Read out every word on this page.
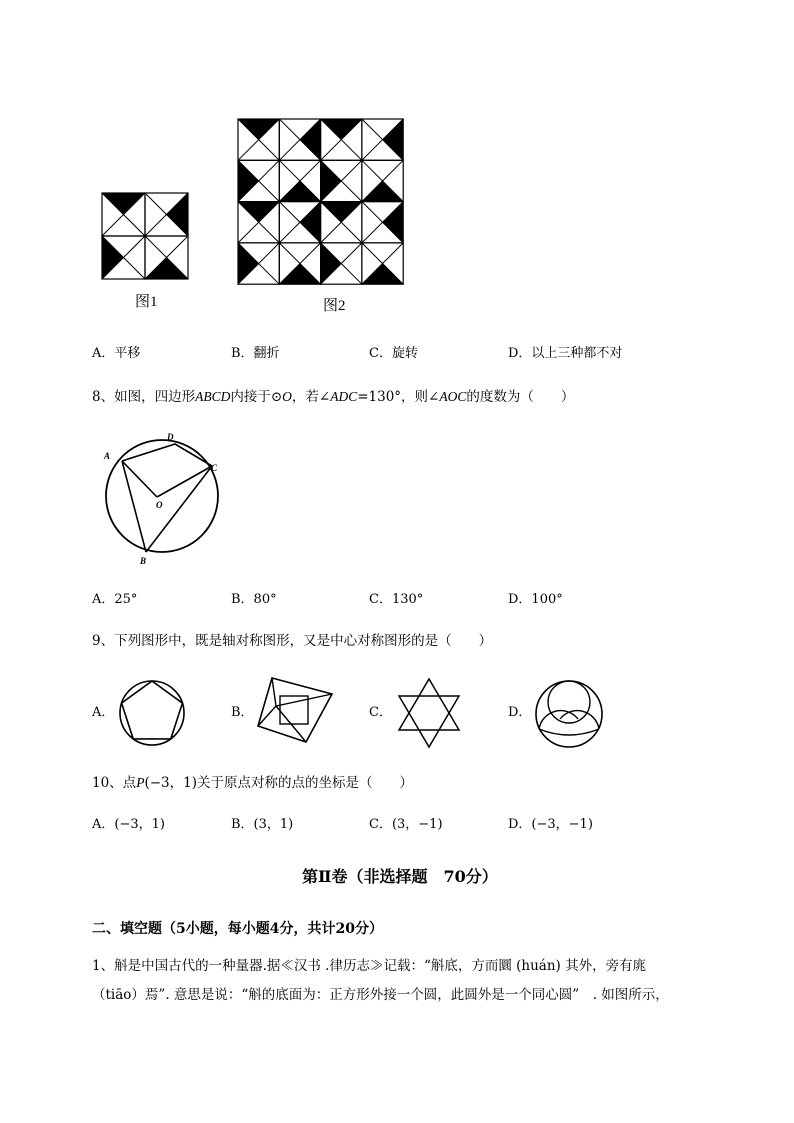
图1	图2
A．平移	B．翻折	C．旋转	D．以上三种都不对
8、如图，四边形ABCD内接于⊙O，若∠ADC=130°，则∠AOC的度数为（　　）
A
D
C
O
B
A．25°	B．80°	C．130°	D．100°
9、下列图形中，既是轴对称图形，又是中心对称图形的是（　　）
A．	B．	C．	D．
10、点P(−3，1)关于原点对称的点的坐标是（　　）
A．(−3，1)	B．(3，1)	C．(3，−1)	D．(−3，−1)
第Ⅱ卷（非选择题　70分）
二、填空题（5小题，每小题4分，共计20分）
1、斛是中国古代的一种量器.据≪汉书 .律历志≫记载：“斛底，方而圜 (huán) 其外，旁有庣
（tiāo）焉”. 意思是说：“斛的底面为：正方形外接一个圆，此圆外是一个同心圆”　. 如图所示，
